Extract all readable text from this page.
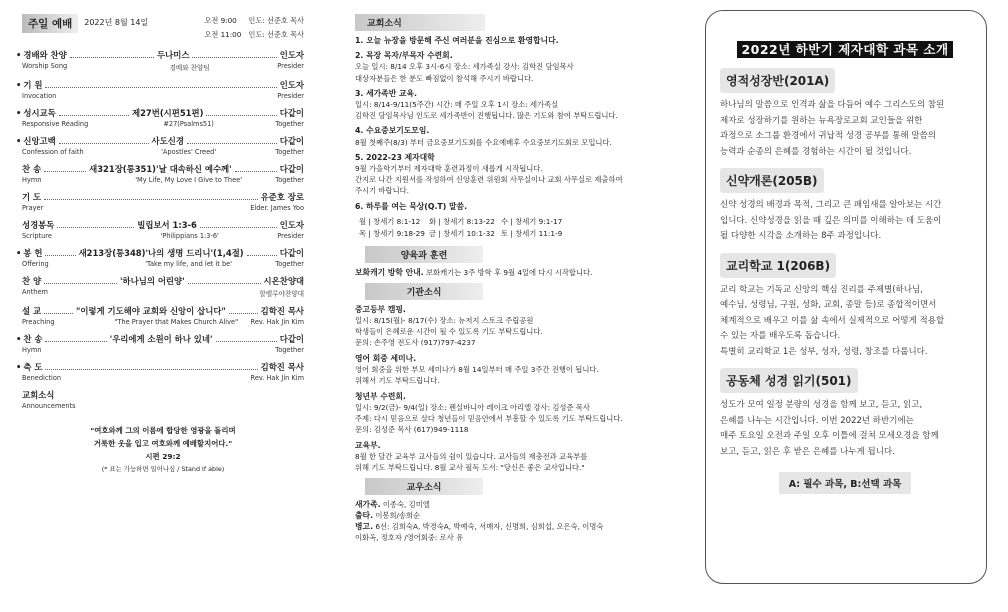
주일 예배	2022년 8월 14일	오전 9:00 인도: 선준호 목사
오전 11:00 인도: 선준호 목사
• 경배와 찬양	두나미스	인도자
Worship Song	경배와 찬양팀	Presider
• 기 원	인도자
Invocation	Presider
• 성시교독	제27번(시편51편)	다같이
Responsive Reading	#27(Psalms51)	Together
• 신앙고백	사도신경	다같이
Confession of faith	'Apostles' Creed'	Together
찬 송	새321장(통351)'날 대속하신 예수께'	다같이
Hymn	'My Life, My Love I Give to Thee'	Together
기 도	유준호 장로
Prayer	Elder. James Yoo
성경봉독	빌립보서 1:3-6	인도자
Scripture	'Philippians 1:3-6'	Presider
• 봉 헌	새213장(통348)'나의 생명 드리니'(1,4절)	다같이
Offering	'Take my life, and let it be'	Together
찬 양	'하나님의 어린양'	시온찬양대
Anthem	할렐루야찬양대
설 교	"이렇게 기도해야 교회와 신앙이 삽니다"	김학진 목사
Preaching	"The Prayer that Makes Church Alive"	Rev. Hak Jin Kim
• 찬 송	'우리에게 소원이 하나 있네'	다같이
Hymn	Together
• 축 도	김학진 목사
Benediction	Rev. Hak Jin Kim
교회소식
Announcements
"여호와께 그의 이름에 합당한 영광을 돌리며
거룩한 옷을 입고 여호와께 예배할지어다."
시편 29:2
(* 표는 가능하면 일어나심 / Stand if able)
교회소식
1. 오늘 뉴장을 방문해 주신 여러분을 진심으로 환영합니다.
2. 목장 목자/부목자 수련회.
오늘 일시: 8/14 오후 3시-6시 장소: 세가족실 강사: 김학진 담임목사
대상자분들은 한 분도 빠짐없이 참석해 주시기 바랍니다.
3. 세가족반 교육.
일시: 8/14-9/11(5주간) 시간: 매 주일 오후 1시 장소: 세가족실
김학진 담임목사님 인도로 세가족반이 진행됩니다. 많은 기도와 참여 부탁드립니다.
4. 수요중보기도모임.
8월 첫째주(8/3) 부터 금요중보기도회를 수요예배후 수요중보기도회로 모입니다.
5. 2022-23 제자대학
9월 가을학기부터 제자대학 훈련과정이 새롭게 시작됩니다.
간지로 나간 지원서를 작성하여 신앙훈련 위원회 사무실이나 교회 사무실로 제출하여
주시기 바랍니다.
6. 하루를 여는 묵상(Q.T) 말씀.
월 | 창세기 8:1-12	화 | 창세기 8:13-22 수 | 창세기 9:1-17
목 | 창세기 9:18-29 금 | 창세기 10:1-32 토 | 창세기 11:1-9
양육과 훈련
보화캐기 방학 안내. 보화캐기는 3주 방학 후 9월 4일에 다시 시작합니다.
기관소식
중고등부 캠핑.
일시: 8/15(월)- 8/17(수) 장소: 뉴저지 스토크 주립공원
학생들이 은혜로운 시간이 될 수 있도록 기도 부탁드립니다.
문의: 손주영 전도사 (917)797-4237
영어 회중 세미나.
영어 회중을 위한 부모 세미나가 8월 14일부터 매 주일 3주간 진행이 됩니다.
위해서 기도 부탁드립니다.
청년부 수련회.
일시: 9/2(금)- 9/4(일) 장소: 펜실바니아 레이크 아리엘 강사: 김성준 목사
주제: 다시 믿음으로 살다 청년들이 믿음안에서 부흥할 수 있도록 기도 부탁드립니다.
문의: 김성준 목사 (617)949-1118
교육부.
8월 한 달간 교육부 교사들의 쉼이 있습니다. 교사들의 재충전과 교육부를
위해 기도 부탁드립니다. 8월 교사 필독 도서: "당신은 좋은 교사입니다."
교우소식
새가족. 이종숙, 김미엘
출타. 이봉희/송희순
병고. 6선: 김희숙A, 박경숙A, 박예숙, 서매자, 신명희, 심희섭, 오은숙, 이명숙
이화옥, 정호자 /영어회중: 로사 유
2022년 하반기 제자대학 과목 소개
영적성장반(201A)
하나님의 말씀으로 인격과 삶을 다듬어 예수 그리스도의 참된
제자로 성장하기를 원하는 뉴욕장로교회 교인들을 위한
과정으로 소그룹 환경에서 귀납적 성경 공부를 통해 말씀의
능력과 순종의 은혜를 경험하는 시간이 될 것입니다.
신약개론(205B)
신약 성경의 배경과 목적, 그리고 큰 패임새를 알아보는 시간
입니다. 신약성경을 읽을 때 깊은 의미를 이해하는 데 도움이
될 다양한 시각을 소개하는 8주 과정입니다.
교리학교 1(206B)
교리 학교는 기독교 신앙의 핵심 진리를 주제별(하나님,
예수님, 성령님, 구원, 성화, 교회, 종말 등)로 종합적이면서
체계적으로 배우고 이를 삶 속에서 실제적으로 어떻게 적용할
수 있는 자를 배우도록 돕습니다.
특별히 교리학교 1은 성부, 성자, 성령, 창조를 다룹니다.
공동체 성경 읽기(501)
성도가 모여 일정 분량의 성경을 함께 보고, 듣고, 읽고,
은혜를 나누는 시간입니다. 이번 2022년 하반기에는
매주 토요일 오전과 주일 오후 이틀에 걸쳐 모세오경을 함께
보고, 듣고, 읽은 후 받은 은혜를 나누게 됩니다.
A: 필수 과목, B:선택 과목
